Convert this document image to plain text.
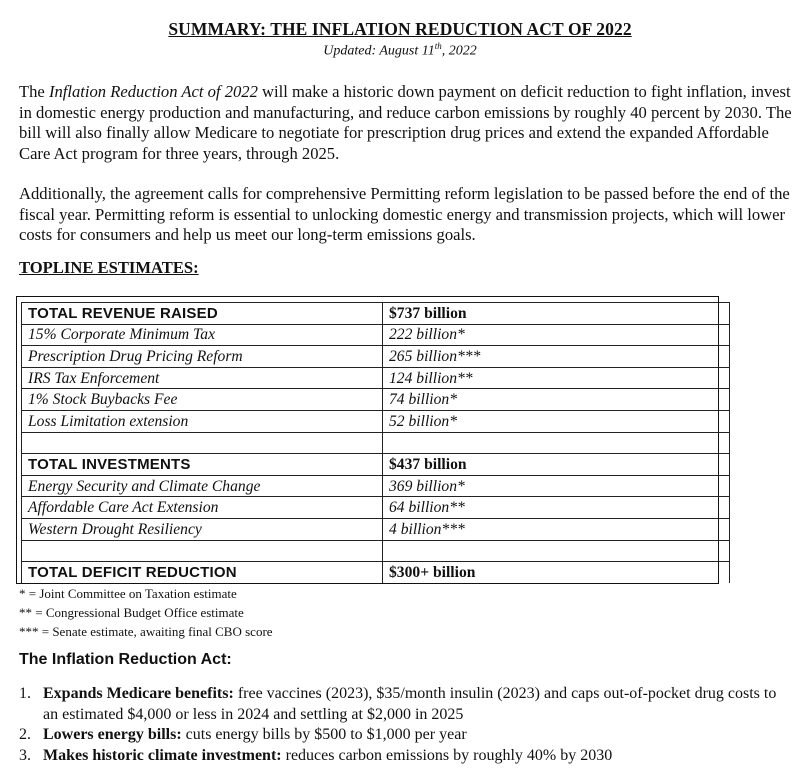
SUMMARY: THE INFLATION REDUCTION ACT OF 2022
Updated: August 11th, 2022

The Inflation Reduction Act of 2022 will make a historic down payment on deficit reduction to fight inflation, invest in domestic energy production and manufacturing, and reduce carbon emissions by roughly 40 percent by 2030. The bill will also finally allow Medicare to negotiate for prescription drug prices and extend the expanded Affordable Care Act program for three years, through 2025.

Additionally, the agreement calls for comprehensive Permitting reform legislation to be passed before the end of the fiscal year. Permitting reform is essential to unlocking domestic energy and transmission projects, which will lower costs for consumers and help us meet our long-term emissions goals.

TOPLINE ESTIMATES:
TOTAL REVENUE RAISED	$737 billion
15% Corporate Minimum Tax	222 billion*
Prescription Drug Pricing Reform	265 billion***
IRS Tax Enforcement	124 billion**
1% Stock Buybacks Fee	74 billion*
Loss Limitation extension	52 billion*

TOTAL INVESTMENTS	$437 billion
Energy Security and Climate Change	369 billion*
Affordable Care Act Extension	64 billion**
Western Drought Resiliency	4 billion***

TOTAL DEFICIT REDUCTION	$300+ billion
* = Joint Committee on Taxation estimate
** = Congressional Budget Office estimate
*** = Senate estimate, awaiting final CBO score
The Inflation Reduction Act:
1. Expands Medicare benefits: free vaccines (2023), $35/month insulin (2023) and caps out-of-pocket drug costs to an estimated $4,000 or less in 2024 and settling at $2,000 in 2025
2. Lowers energy bills: cuts energy bills by $500 to $1,000 per year
3. Makes historic climate investment: reduces carbon emissions by roughly 40% by 2030
